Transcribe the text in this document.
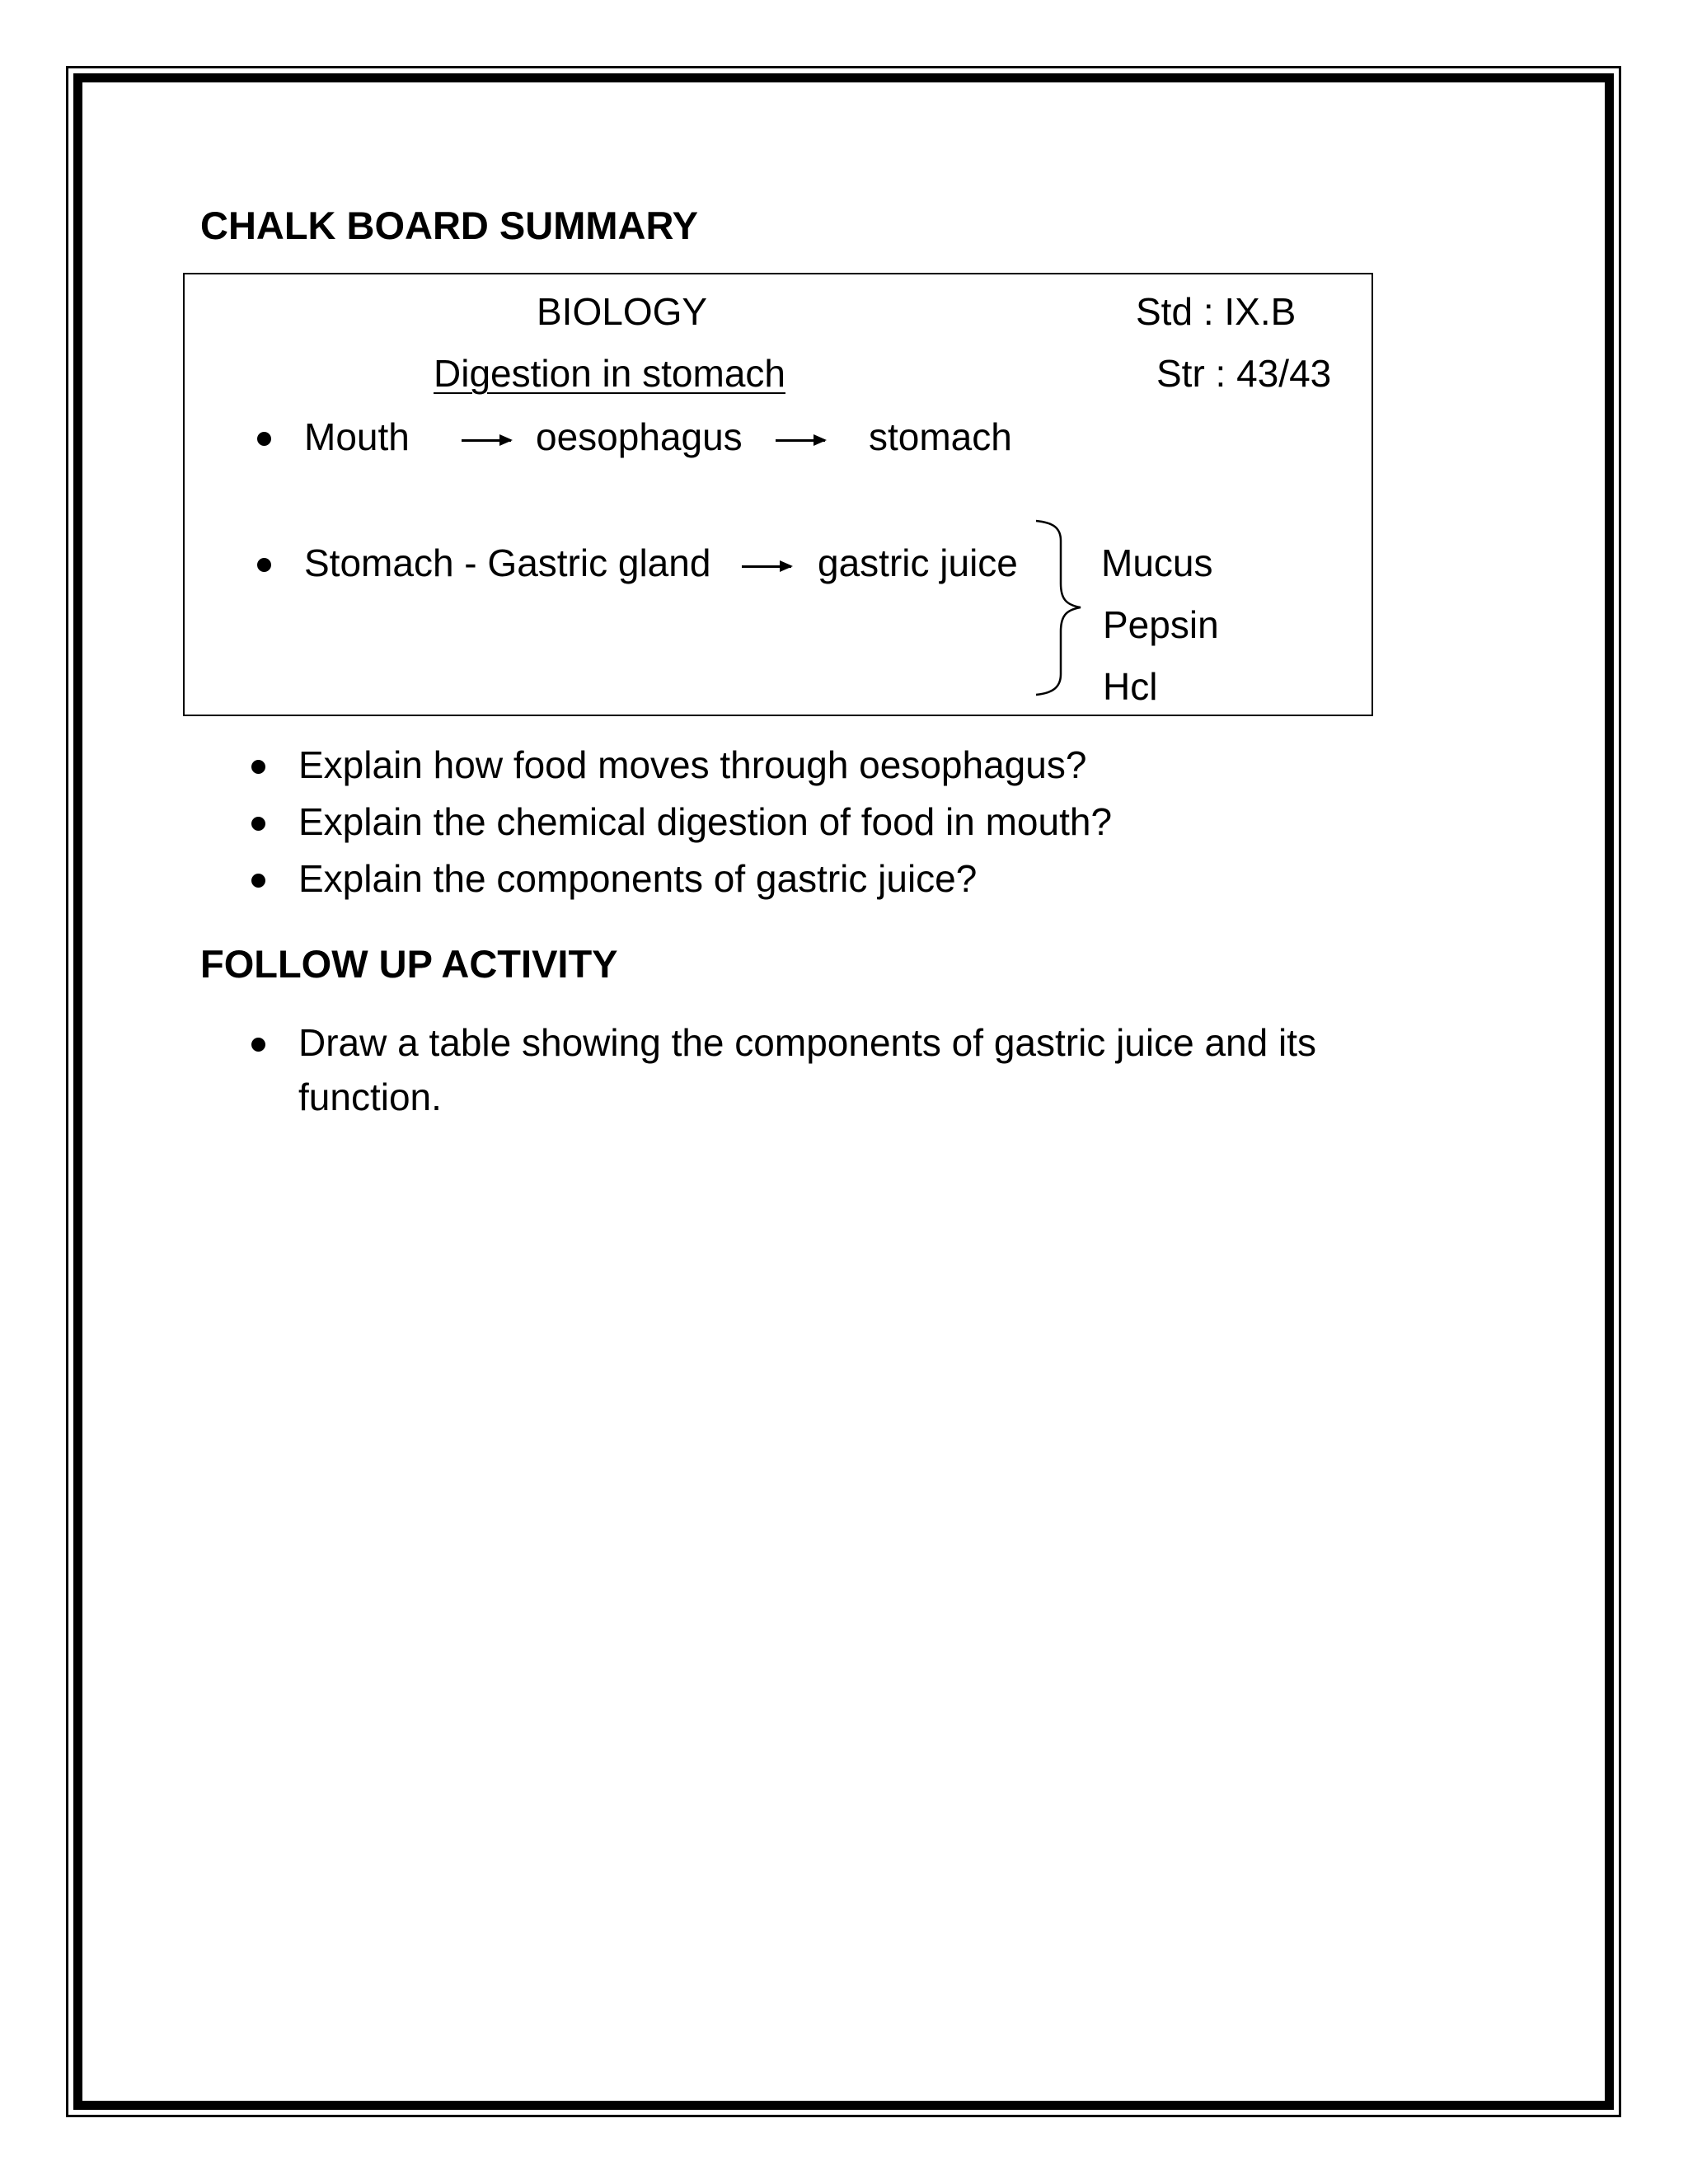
CHALK BOARD SUMMARY
BIOLOGY	Std : IX.B
Digestion in stomach	Str : 43/43
Mouth	oesophagus	stomach
Stomach - Gastric gland	gastric juice Mucus
Pepsin
Hcl
Explain how food moves through oesophagus?
Explain the chemical digestion of food in mouth?
Explain the components of gastric juice?
FOLLOW UP ACTIVITY
Draw a table showing the components of gastric juice and its
function.
